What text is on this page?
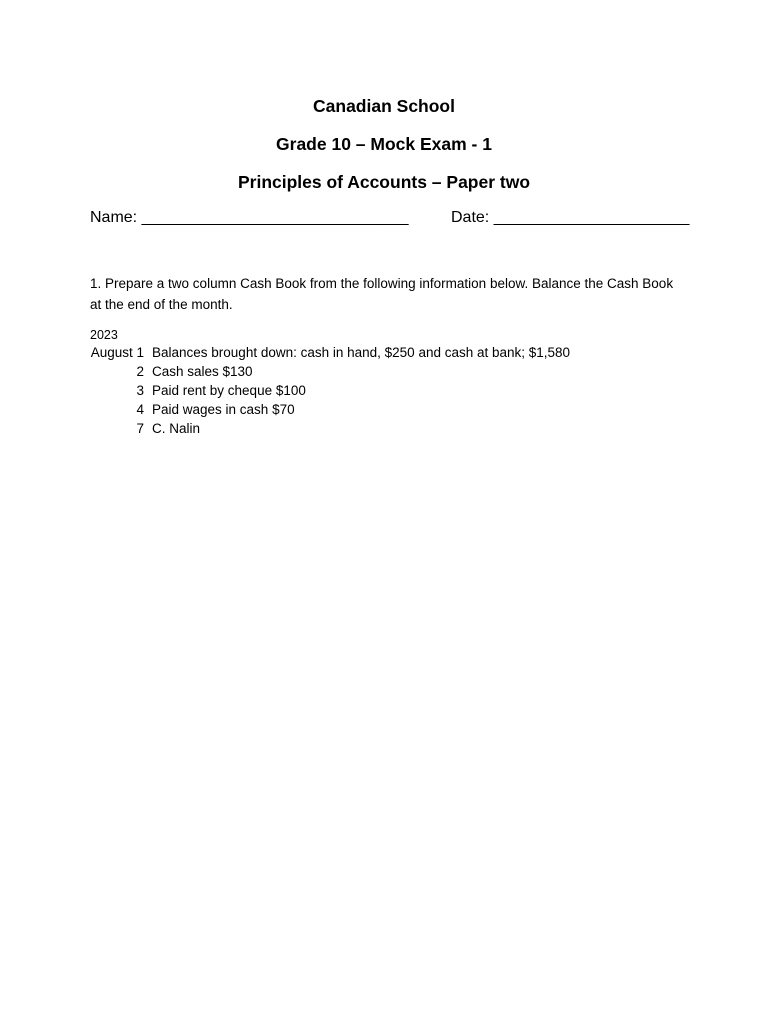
Canadian School
Grade 10 – Mock Exam - 1
Principles of Accounts – Paper two
Name: ______________________________	Date: ______________________
1. Prepare a two column Cash Book from the following information below. Balance the Cash Book at the end of the month.
2023
August 1 Balances brought down: cash in hand, $250 and cash at bank; $1,580
2 Cash sales $130
3 Paid rent by cheque $100
4 Paid wages in cash $70
7 C. Nalin
